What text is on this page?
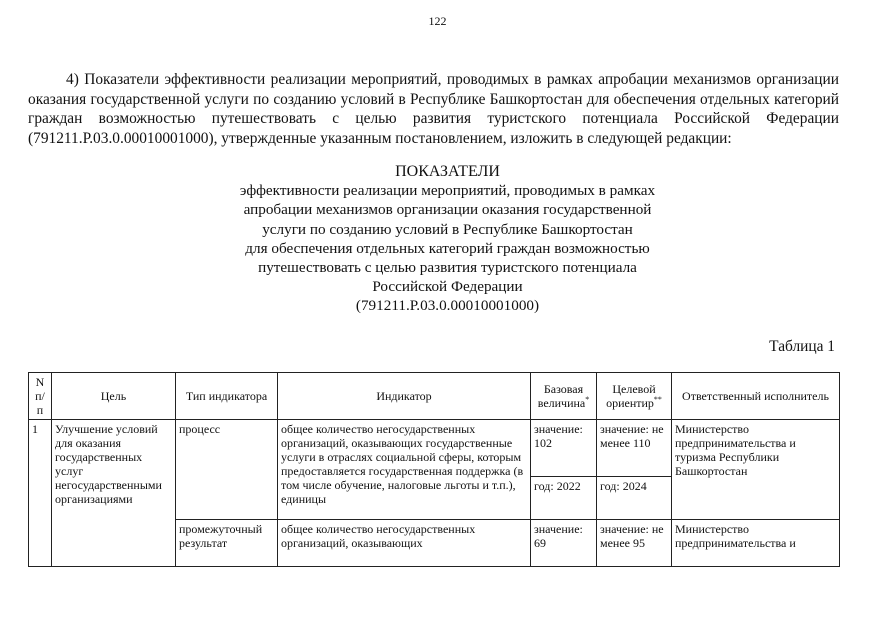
122

4) Показатели эффективности реализации мероприятий, проводимых в рамках апробации механизмов организации оказания государственной услуги по созданию условий в Республике Башкортостан для обеспечения отдельных категорий граждан возможностью путешествовать с целью развития туристского потенциала Российской Федерации (791211.Р.03.0.00010001000), утвержденные указанным постановлением, изложить в следующей редакции:

ПОКАЗАТЕЛИ
эффективности реализации мероприятий, проводимых в рамках
апробации механизмов организации оказания государственной
услуги по созданию условий в Республике Башкортостан
для обеспечения отдельных категорий граждан возможностью
путешествовать с целью развития туристского потенциала
Российской Федерации
(791211.Р.03.0.00010001000)
Таблица 1
N п/п	Цель	Тип индикатора	Индикатор	Базовая величина*	Целевой ориентир**	Ответственный исполнитель
1	Улучшение условий для оказания государственных услуг негосударственными организациями	процесс	общее количество негосударственных организаций, оказывающих государственные услуги в отраслях социальной сферы, которым предоставляется государственная поддержка (в том числе обучение, налоговые льготы и т.п.), единицы	значение: 102	значение: не менее 110	Министерство предпринимательства и туризма Республики Башкортостан
				год: 2022	год: 2024	
		промежуточный результат	общее количество негосударственных организаций, оказывающих	значение: 69	значение: не менее 95	Министерство предпринимательства и
